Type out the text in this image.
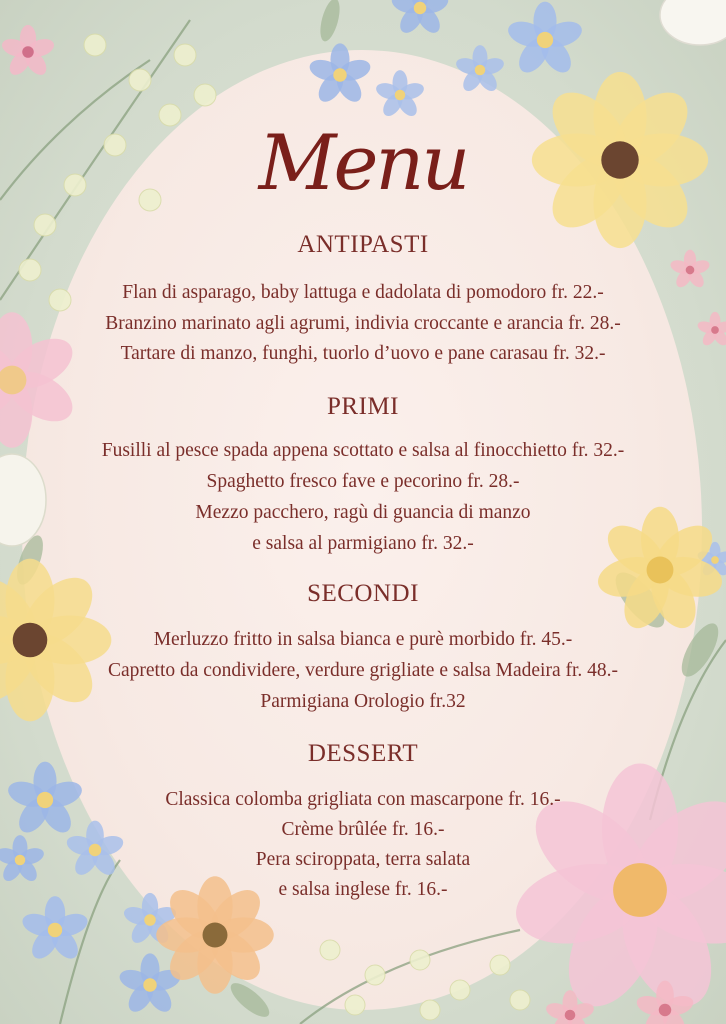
Menu
ANTIPASTI
Flan di asparago, baby lattuga e dadolata di pomodoro fr. 22.-
Branzino marinato agli agrumi, indivia croccante e arancia fr. 28.-
Tartare di manzo, funghi, tuorlo d’uovo e pane carasau fr. 32.-
PRIMI
Fusilli al pesce spada appena scottato e salsa al finocchietto fr. 32.-
Spaghetto fresco fave e pecorino fr. 28.-
Mezzo pacchero, ragù di guancia di manzo
e salsa al parmigiano fr. 32.-
SECONDI
Merluzzo fritto in salsa bianca e purè morbido fr. 45.-
Capretto da condividere, verdure grigliate e salsa Madeira fr. 48.-
Parmigiana Orologio fr.32
DESSERT
Classica colomba grigliata con mascarpone fr. 16.-
Crème brûlée fr. 16.-
Pera sciroppata, terra salata
e salsa inglese fr. 16.-
